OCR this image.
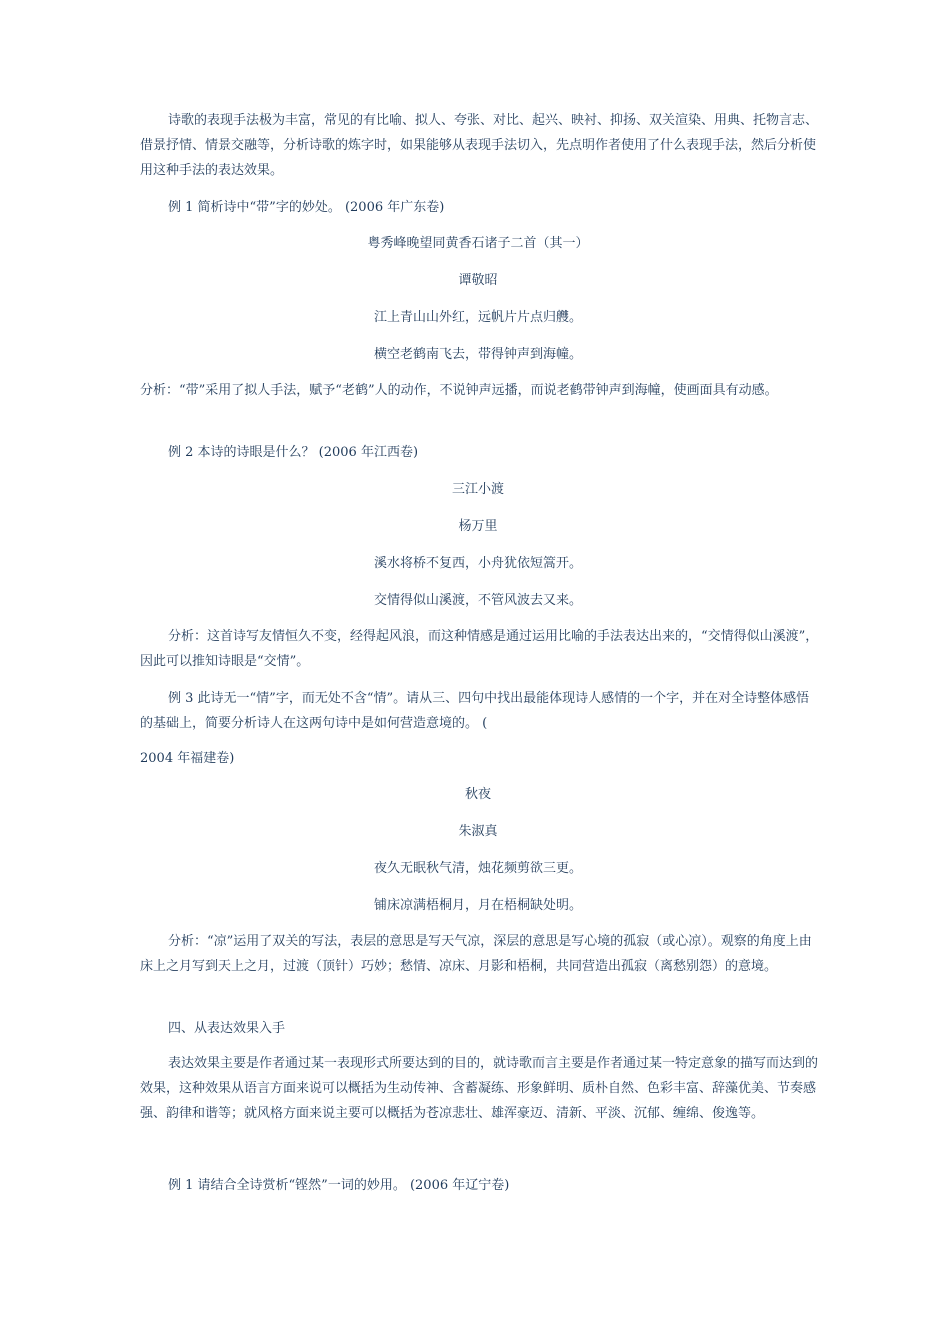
诗歌的表现手法极为丰富，常见的有比喻、拟人、夸张、对比、起兴、映衬、抑扬、双关渲染、用典、托物言志、借景抒情、情景交融等，分析诗歌的炼字时，如果能够从表现手法切入，先点明作者使用了什么表现手法，然后分析使用这种手法的表达效果。

例 1 简析诗中“带”字的妙处。 (2006 年广东卷)

粤秀峰晚望同黄香石诸子二首（其一）

谭敬昭

江上青山山外红，远帆片片点归艭。

横空老鹤南飞去，带得钟声到海幢。

分析：“带”采用了拟人手法，赋予“老鹤”人的动作，不说钟声远播，而说老鹤带钟声到海幢，使画面具有动感。

例 2 本诗的诗眼是什么？ (2006 年江西卷)

三江小渡

杨万里

溪水将桥不复西，小舟犹依短篙开。

交情得似山溪渡，不管风波去又来。

分析：这首诗写友情恒久不变，经得起风浪，而这种情感是通过运用比喻的手法表达出来的，“交情得似山溪渡”，因此可以推知诗眼是“交情”。

例 3 此诗无一“情”字，而无处不含“情”。请从三、四句中找出最能体现诗人感情的一个字，并在对全诗整体感悟的基础上，简要分析诗人在这两句诗中是如何营造意境的。 (

2004 年福建卷)

秋夜

朱淑真

夜久无眠秋气清，烛花频剪欲三更。

铺床凉满梧桐月，月在梧桐缺处明。

分析：“凉”运用了双关的写法，表层的意思是写天气凉，深层的意思是写心境的孤寂（或心凉）。观察的角度上由床上之月写到天上之月，过渡（顶针）巧妙；愁情、凉床、月影和梧桐，共同营造出孤寂（离愁别怨）的意境。

四、从表达效果入手

表达效果主要是作者通过某一表现形式所要达到的目的，就诗歌而言主要是作者通过某一特定意象的描写而达到的效果，这种效果从语言方面来说可以概括为生动传神、含蓄凝练、形象鲜明、质朴自然、色彩丰富、辞藻优美、节奏感强、韵律和谐等；就风格方面来说主要可以概括为苍凉悲壮、雄浑豪迈、清新、平淡、沉郁、缠绵、俊逸等。

例 1 请结合全诗赏析“铿然”一词的妙用。 (2006 年辽宁卷)
